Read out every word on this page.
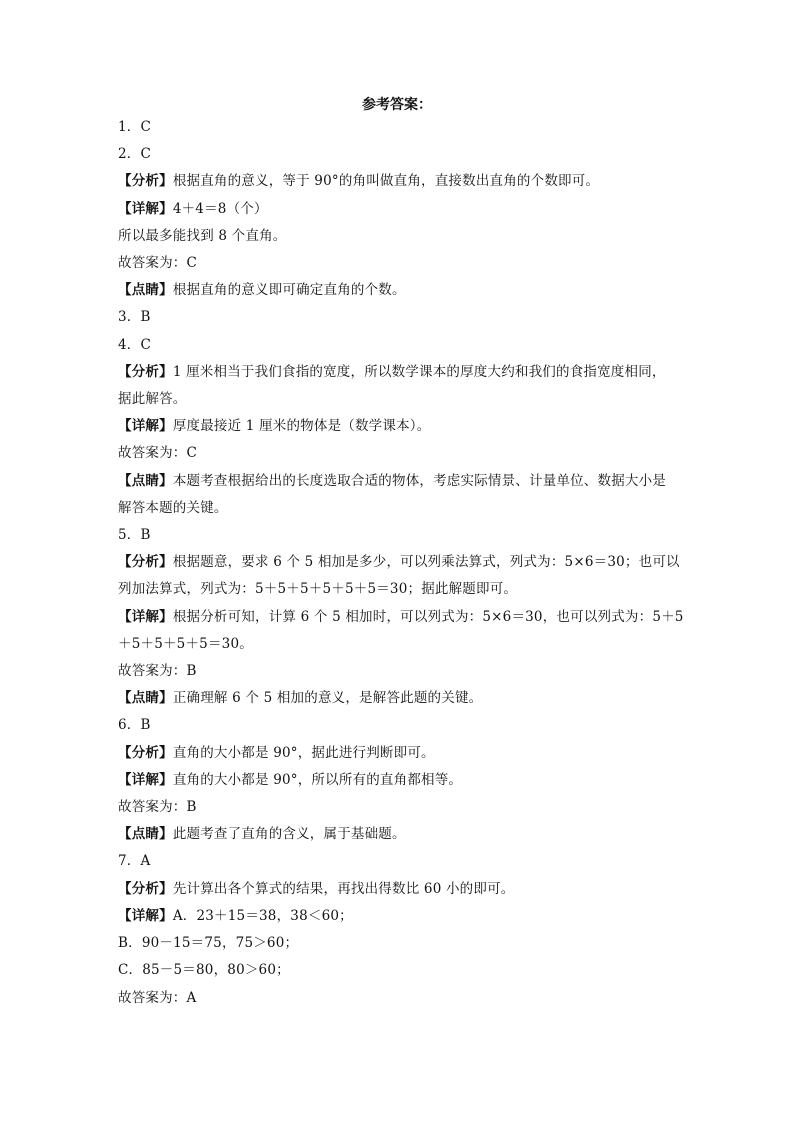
参考答案：
1．C
2．C
【分析】根据直角的意义，等于 90°的角叫做直角，直接数出直角的个数即可。
【详解】4＋4＝8（个）
所以最多能找到 8 个直角。
故答案为：C
【点睛】根据直角的意义即可确定直角的个数。
3．B
4．C
【分析】1 厘米相当于我们食指的宽度，所以数学课本的厚度大约和我们的食指宽度相同，
据此解答。
【详解】厚度最接近 1 厘米的物体是（数学课本）。
故答案为：C
【点睛】本题考查根据给出的长度选取合适的物体，考虑实际情景、计量单位、数据大小是
解答本题的关键。
5．B
【分析】根据题意，要求 6 个 5 相加是多少，可以列乘法算式，列式为：5×6＝30；也可以
列加法算式，列式为：5＋5＋5＋5＋5＋5＝30；据此解题即可。
【详解】根据分析可知，计算 6 个 5 相加时，可以列式为：5×6＝30，也可以列式为：5＋5
＋5＋5＋5＋5＝30。
故答案为：B
【点睛】正确理解 6 个 5 相加的意义，是解答此题的关键。
6．B
【分析】直角的大小都是 90°，据此进行判断即可。
【详解】直角的大小都是 90°，所以所有的直角都相等。
故答案为：B
【点睛】此题考查了直角的含义，属于基础题。
7．A
【分析】先计算出各个算式的结果，再找出得数比 60 小的即可。
【详解】A．23＋15＝38，38＜60；
B．90－15＝75，75＞60；
C．85－5＝80，80＞60；
故答案为：A
